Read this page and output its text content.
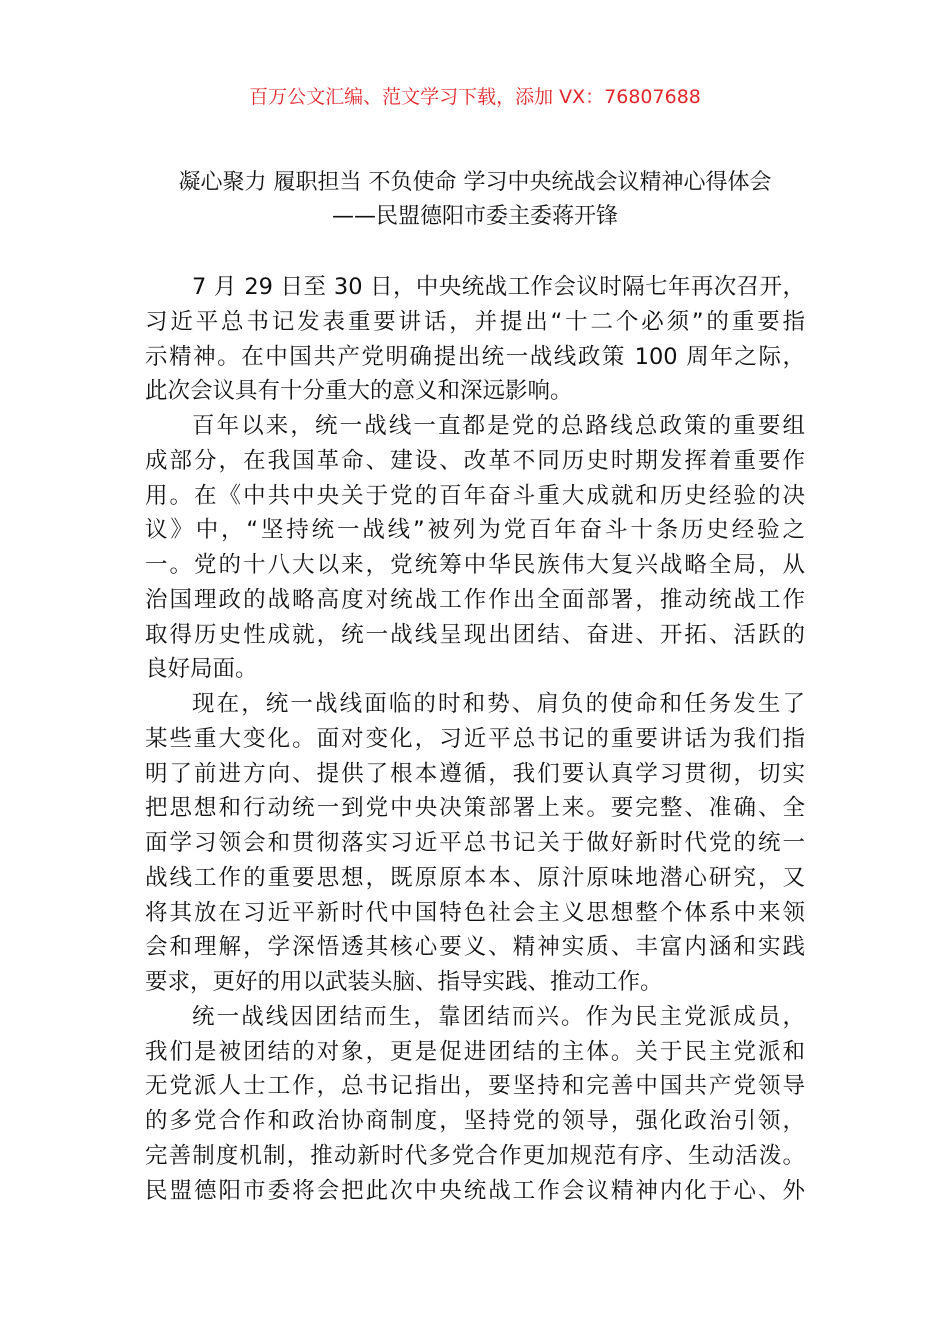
百万公文汇编、范文学习下载，添加 VX：76807688
凝心聚力 履职担当 不负使命 学习中央统战会议精神心得体会
——民盟德阳市委主委蒋开锋
7 月 29 日至 30 日，中央统战工作会议时隔七年再次召开，
习近平总书记发表重要讲话，并提出“十二个必须”的重要指
示精神。在中国共产党明确提出统一战线政策 100 周年之际，
此次会议具有十分重大的意义和深远影响。
百年以来，统一战线一直都是党的总路线总政策的重要组
成部分，在我国革命、建设、改革不同历史时期发挥着重要作
用。在《中共中央关于党的百年奋斗重大成就和历史经验的决
议》中，“坚持统一战线”被列为党百年奋斗十条历史经验之
一。党的十八大以来，党统筹中华民族伟大复兴战略全局，从
治国理政的战略高度对统战工作作出全面部署，推动统战工作
取得历史性成就，统一战线呈现出团结、奋进、开拓、活跃的
良好局面。
现在，统一战线面临的时和势、肩负的使命和任务发生了
某些重大变化。面对变化，习近平总书记的重要讲话为我们指
明了前进方向、提供了根本遵循，我们要认真学习贯彻，切实
把思想和行动统一到党中央决策部署上来。要完整、准确、全
面学习领会和贯彻落实习近平总书记关于做好新时代党的统一
战线工作的重要思想，既原原本本、原汁原味地潜心研究，又
将其放在习近平新时代中国特色社会主义思想整个体系中来领
会和理解，学深悟透其核心要义、精神实质、丰富内涵和实践
要求，更好的用以武装头脑、指导实践、推动工作。
统一战线因团结而生，靠团结而兴。作为民主党派成员，
我们是被团结的对象，更是促进团结的主体。关于民主党派和
无党派人士工作，总书记指出，要坚持和完善中国共产党领导
的多党合作和政治协商制度，坚持党的领导，强化政治引领，
完善制度机制，推动新时代多党合作更加规范有序、生动活泼。
民盟德阳市委将会把此次中央统战工作会议精神内化于心、外
